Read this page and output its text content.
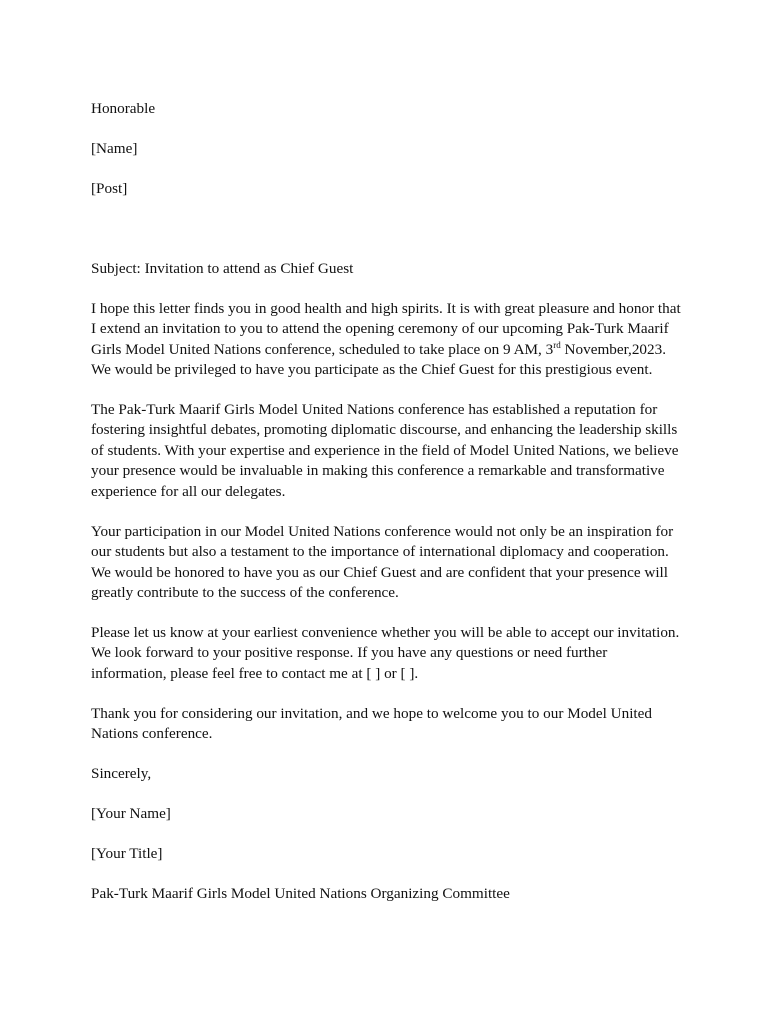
Honorable

[Name]

[Post]

Subject: Invitation to attend as Chief Guest

I hope this letter finds you in good health and high spirits. It is with great pleasure and honor that
I extend an invitation to you to attend the opening ceremony of our upcoming Pak-Turk Maarif
Girls Model United Nations conference, scheduled to take place on 9 AM, 3rd November,2023.
We would be privileged to have you participate as the Chief Guest for this prestigious event.
The Pak-Turk Maarif Girls Model United Nations conference has established a reputation for
fostering insightful debates, promoting diplomatic discourse, and enhancing the leadership skills
of students. With your expertise and experience in the field of Model United Nations, we believe
your presence would be invaluable in making this conference a remarkable and transformative
experience for all our delegates.
Your participation in our Model United Nations conference would not only be an inspiration for
our students but also a testament to the importance of international diplomacy and cooperation.
We would be honored to have you as our Chief Guest and are confident that your presence will
greatly contribute to the success of the conference.
Please let us know at your earliest convenience whether you will be able to accept our invitation.
We look forward to your positive response. If you have any questions or need further
information, please feel free to contact me at [ ] or [ ].
Thank you for considering our invitation, and we hope to welcome you to our Model United
Nations conference.

Sincerely,

[Your Name]

[Your Title]

Pak-Turk Maarif Girls Model United Nations Organizing Committee
